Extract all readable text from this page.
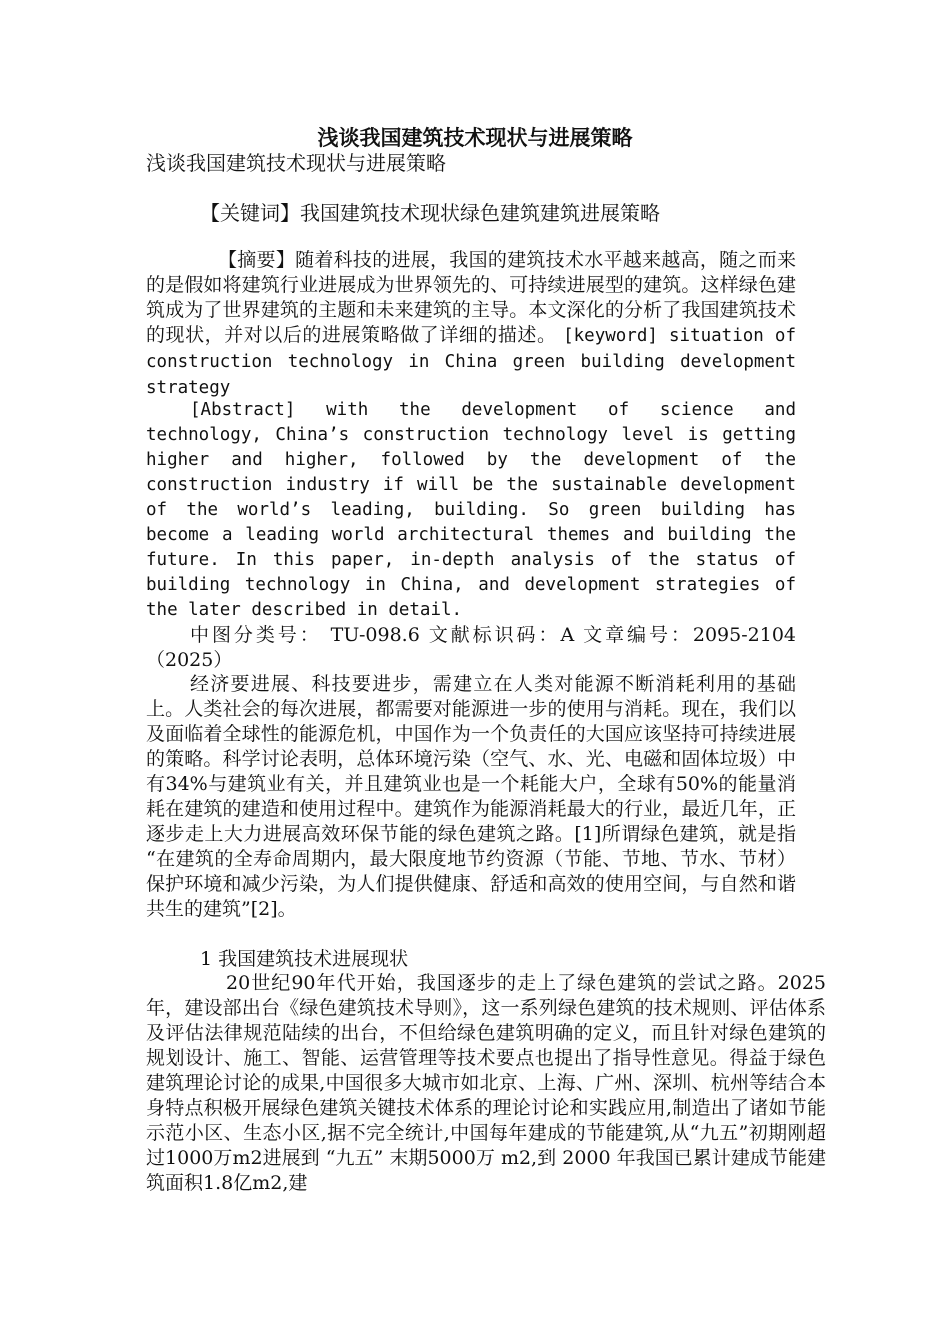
浅谈我国建筑技术现状与进展策略
浅谈我国建筑技术现状与进展策略
【关键词】我国建筑技术现状绿色建筑建筑进展策略
【摘要】随着科技的进展，我国的建筑技术水平越来越高，随之而来的是假如将建筑行业进展成为世界领先的、可持续进展型的建筑。这样绿色建筑成为了世界建筑的主题和未来建筑的主导。本文深化的分析了我国建筑技术的现状，并对以后的进展策略做了详细的描述。 [keyword] situation of construction technology in China green building development strategy
[Abstract] with the development of science and technology, China’s construction technology level is getting higher and higher, followed by the development of the construction industry if will be the sustainable development of the world’s leading, building. So green building has become a leading world architectural themes and building the future. In this paper, in-depth analysis of the status of building technology in China, and development strategies of the later described in detail.
中图分类号： TU-098.6 文献标识码：A 文章编号：2095-2104（2025）
经济要进展、科技要进步，需建立在人类对能源不断消耗利用的基础上。人类社会的每次进展，都需要对能源进一步的使用与消耗。现在，我们以及面临着全球性的能源危机，中国作为一个负责任的大国应该坚持可持续进展的策略。科学讨论表明，总体环境污染（空气、水、光、电磁和固体垃圾）中有34%与建筑业有关，并且建筑业也是一个耗能大户，全球有50%的能量消耗在建筑的建造和使用过程中。建筑作为能源消耗最大的行业，最近几年，正逐步走上大力进展高效环保节能的绿色建筑之路。[1]所谓绿色建筑，就是指 “在建筑的全寿命周期内，最大限度地节约资源（节能、节地、节水、节材）保护环境和减少污染，为人们提供健康、舒适和高效的使用空间，与自然和谐共生的建筑”[2]。
1 我国建筑技术进展现状
20世纪90年代开始，我国逐步的走上了绿色建筑的尝试之路。2025年，建设部出台《绿色建筑技术导则》，这一系列绿色建筑的技术规则、评估体系及评估法律规范陆续的出台，不但给绿色建筑明确的定义，而且针对绿色建筑的规划设计、施工、智能、运营管理等技术要点也提出了指导性意见。得益于绿色建筑理论讨论的成果,中国很多大城市如北京、上海、广州、深圳、杭州等结合本身特点积极开展绿色建筑关键技术体系的理论讨论和实践应用,制造出了诸如节能示范小区、生态小区,据不完全统计,中国每年建成的节能建筑,从“九五”初期刚超过1000万m2进展到 “九五” 末期5000万 m2,到 2000 年我国已累计建成节能建筑面积1.8亿m2,建
